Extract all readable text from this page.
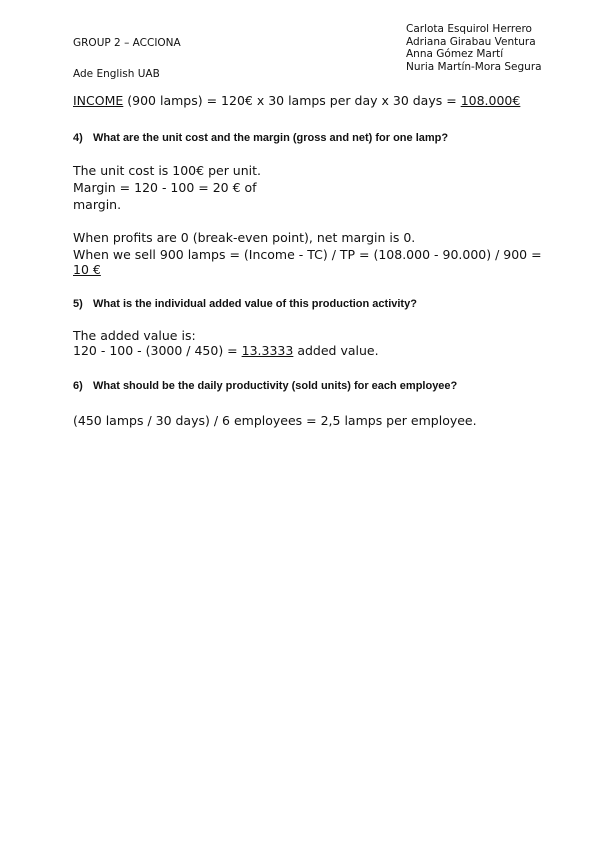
GROUP 2 – ACCIONA
Ade English UAB
Carlota Esquirol Herrero
Adriana Girabau Ventura
Anna Gómez Martí
Nuria Martín-Mora Segura
INCOME (900 lamps) = 120€ x 30 lamps per day x 30 days = 108.000€
4) What are the unit cost and the margin (gross and net) for one lamp?
The unit cost is 100€ per unit.
Margin = 120 - 100 = 20 € of
margin.
When profits are 0 (break-even point), net margin is 0.
When we sell 900 lamps = (Income - TC) / TP = (108.000 - 90.000) / 900 =
10 €
5) What is the individual added value of this production activity?
The added value is:
120 - 100 - (3000 / 450) = 13.3333 added value.
6) What should be the daily productivity (sold units) for each employee?
(450 lamps / 30 days) / 6 employees = 2,5 lamps per employee.
